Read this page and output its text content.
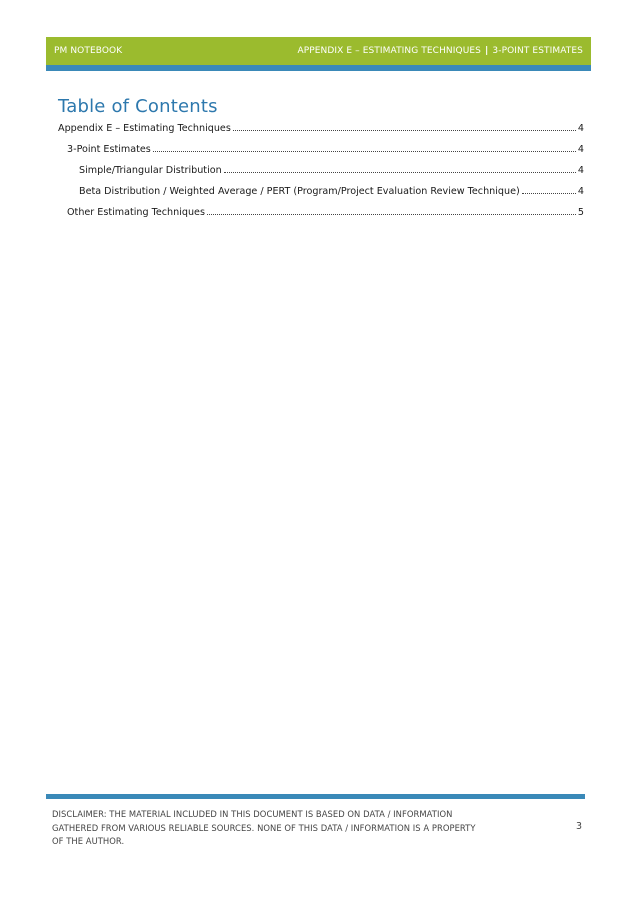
PM NOTEBOOK	APPENDIX E – ESTIMATING TECHNIQUES | 3-POINT ESTIMATES
Table of Contents
Appendix E – Estimating Techniques	4
3-Point Estimates	4
Simple/Triangular Distribution	4
Beta Distribution / Weighted Average / PERT (Program/Project Evaluation Review Technique)	4
Other Estimating Techniques	5
DISCLAIMER: THE MATERIAL INCLUDED IN THIS DOCUMENT IS BASED ON DATA / INFORMATION
GATHERED FROM VARIOUS RELIABLE SOURCES. NONE OF THIS DATA / INFORMATION IS A PROPERTY
OF THE AUTHOR.
3
